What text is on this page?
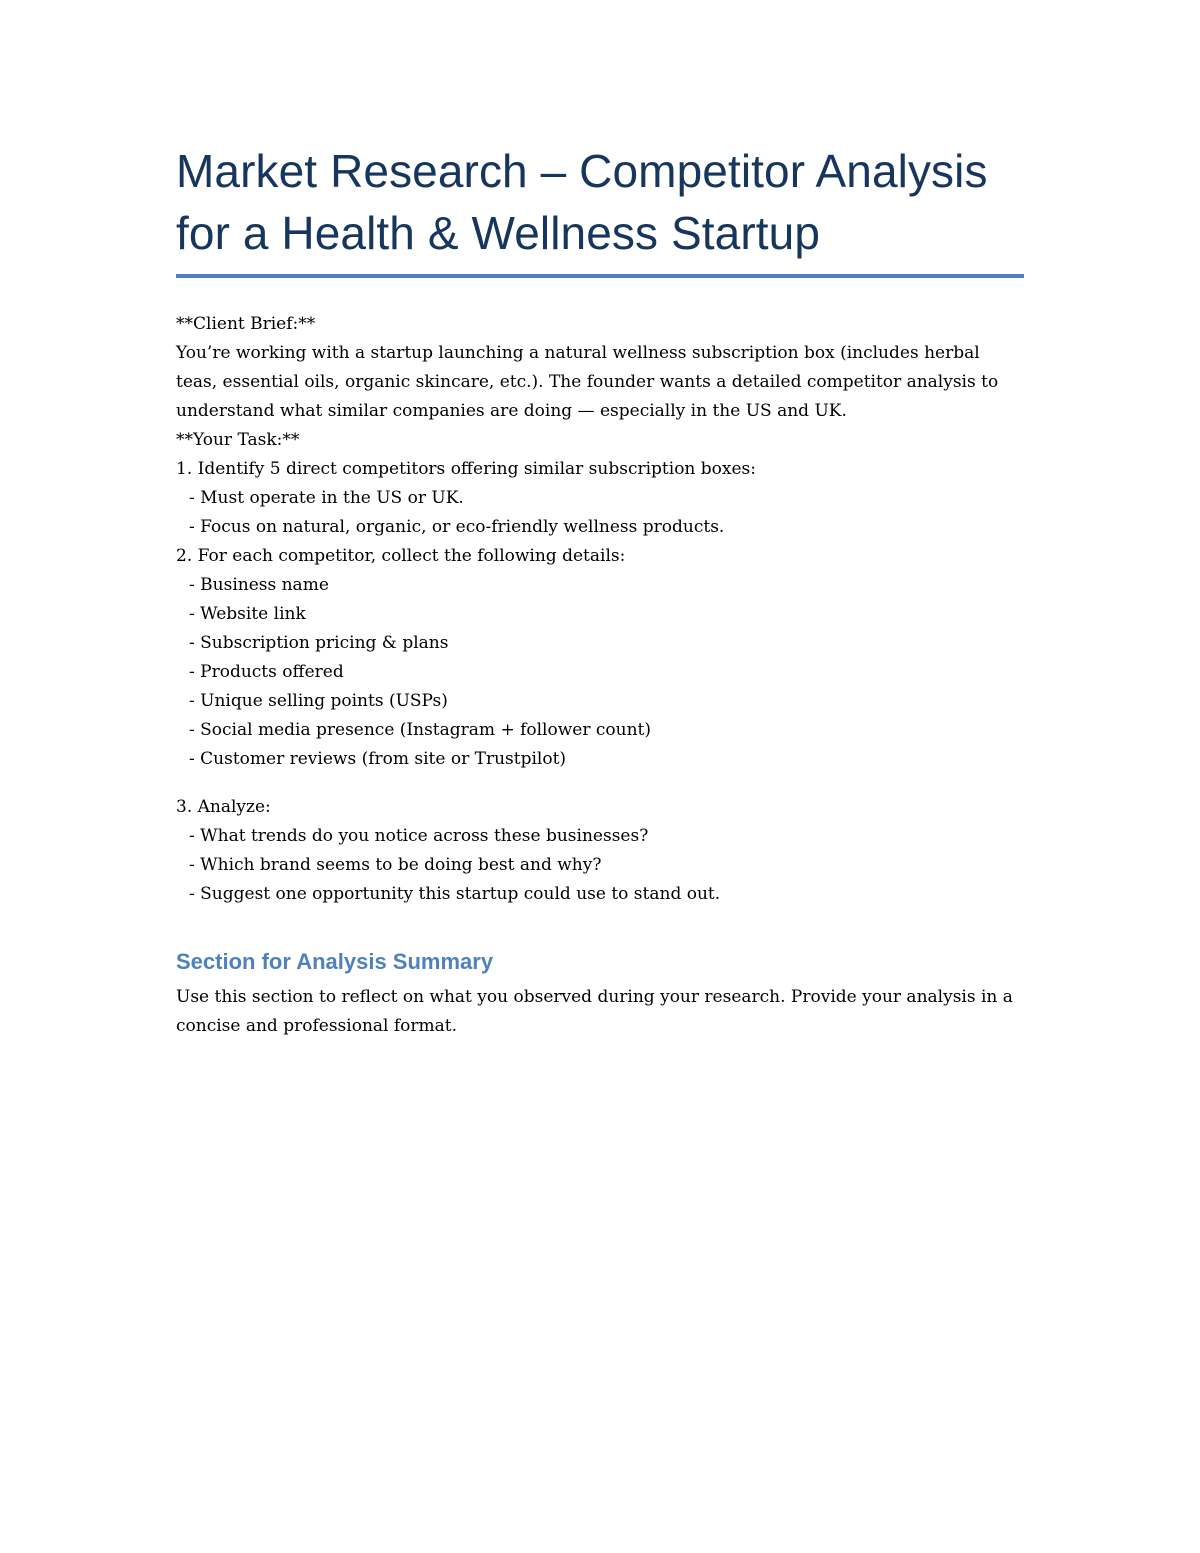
Market Research – Competitor Analysis for a Health & Wellness Startup

**Client Brief:**

You’re working with a startup launching a natural wellness subscription box (includes herbal teas, essential oils, organic skincare, etc.). The founder wants a detailed competitor analysis to understand what similar companies are doing — especially in the US and UK.

**Your Task:**

1. Identify 5 direct competitors offering similar subscription boxes:

- Must operate in the US or UK.

- Focus on natural, organic, or eco-friendly wellness products.

2. For each competitor, collect the following details:

- Business name

- Website link

- Subscription pricing & plans

- Products offered

- Unique selling points (USPs)

- Social media presence (Instagram + follower count)

- Customer reviews (from site or Trustpilot)

3. Analyze:

- What trends do you notice across these businesses?

- Which brand seems to be doing best and why?

- Suggest one opportunity this startup could use to stand out.

Section for Analysis Summary

Use this section to reflect on what you observed during your research. Provide your analysis in a concise and professional format.
